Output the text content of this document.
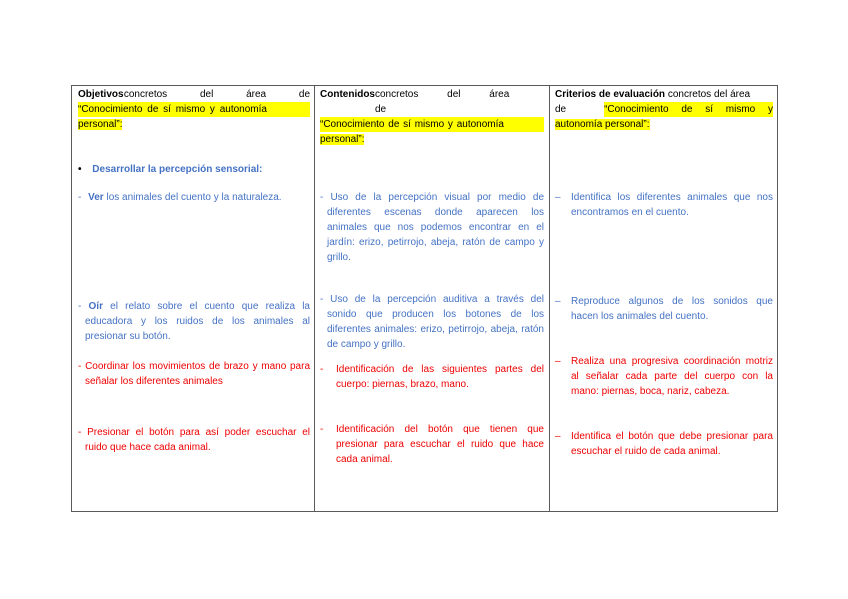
Objetivos concretos del área de
“Conocimiento de sí mismo y autonomía
personal”:
• Desarrollar la percepción sensorial:
- Ver los animales del cuento y la naturaleza.
- Oír el relato sobre el cuento que realiza la educadora y los ruidos de los animales al presionar su botón.
- Coordinar los movimientos de brazo y mano para señalar los diferentes animales
- Presionar el botón para así poder escuchar el ruido que hace cada animal.
Contenidos concretos del área de
“Conocimiento de sí mismo y autonomía
personal”:
- Uso de la percepción visual por medio de diferentes escenas donde aparecen los animales que nos podemos encontrar en el jardín: erizo, petirrojo, abeja, ratón de campo y grillo.
- Uso de la percepción auditiva a través del sonido que producen los botones de los diferentes animales: erizo, petirrojo, abeja, ratón de campo y grillo.
- Identificación de las siguientes partes del cuerpo: piernas, brazo, mano.
- Identificación del botón que tienen que presionar para escuchar el ruido que hace cada animal.
Criterios de evaluación concretos del área
de	“Conocimiento de sí mismo y
autonomía personal”:
– Identifica los diferentes animales que nos encontramos en el cuento.
– Reproduce algunos de los sonidos que hacen los animales del cuento.
– Realiza una progresiva coordinación motriz al señalar cada parte del cuerpo con la mano: piernas, boca, nariz, cabeza.
– Identifica el botón que debe presionar para escuchar el ruido de cada animal.
